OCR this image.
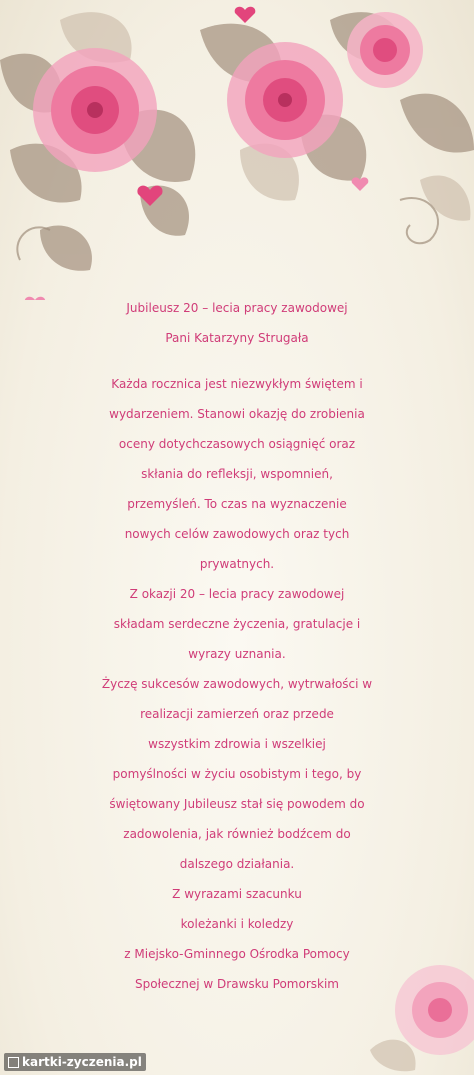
Jubileusz 20 – lecia pracy zawodowej
Pani Katarzyny Strugała
Każda rocznica jest niezwykłym świętem i
wydarzeniem. Stanowi okazję do zrobienia
oceny dotychczasowych osiągnięć oraz
skłania do refleksji, wspomnień,
przemyśleń. To czas na wyznaczenie
nowych celów zawodowych oraz tych
prywatnych.
Z okazji 20 – lecia pracy zawodowej
składam serdeczne życzenia, gratulacje i
wyrazy uznania.
Życzę sukcesów zawodowych, wytrwałości w
realizacji zamierzeń oraz przede
wszystkim zdrowia i wszelkiej
pomyślności w życiu osobistym i tego, by
świętowany Jubileusz stał się powodem do
zadowolenia, jak również bodźcem do
dalszego działania.
Z wyrazami szacunku
koleżanki i koledzy
z Miejsko-Gminnego Ośrodka Pomocy
Społecznej w Drawsku Pomorskim
kartki-zyczenia.pl
